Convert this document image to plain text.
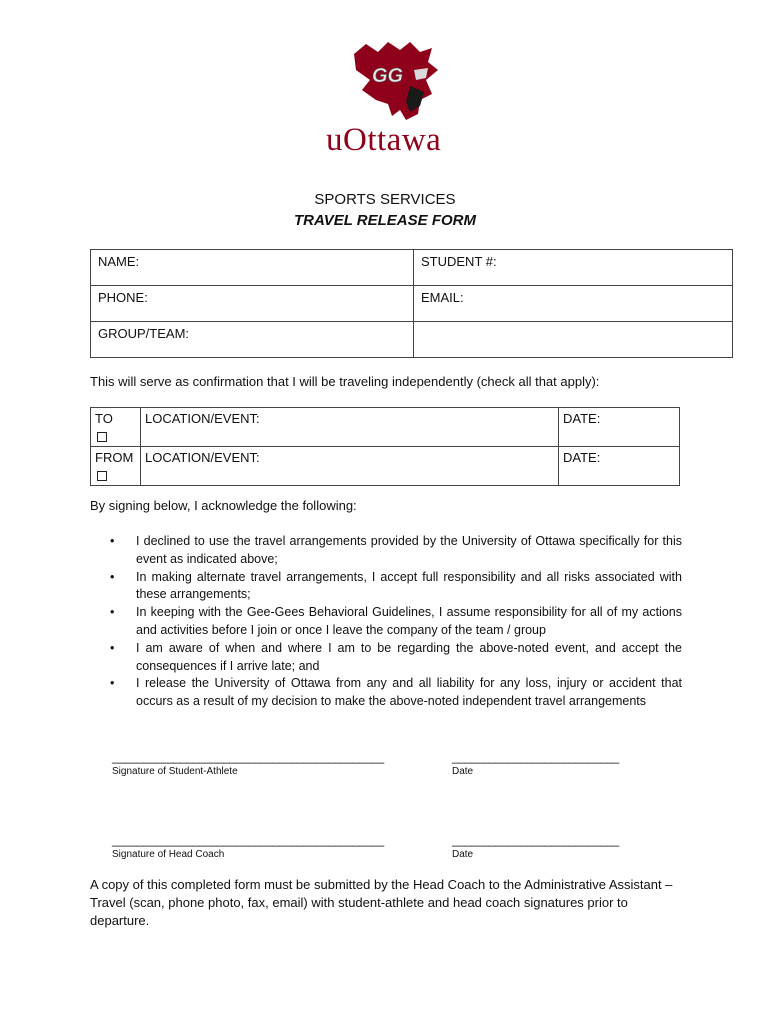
GG
uOttawa
SPORTS SERVICES
TRAVEL RELEASE FORM
NAME:	STUDENT #:
PHONE:	EMAIL:
GROUP/TEAM:	
This will serve as confirmation that I will be traveling independently (check all that apply):
TO	LOCATION/EVENT:	DATE:
FROM	LOCATION/EVENT:	DATE:
By signing below, I acknowledge the following:
• I declined to use the travel arrangements provided by the University of Ottawa specifically for this event as indicated above;
• In making alternate travel arrangements, I accept full responsibility and all risks associated with these arrangements;
• In keeping with the Gee-Gees Behavioral Guidelines, I assume responsibility for all of my actions and activities before I join or once I leave the company of the team / group
• I am aware of when and where I am to be regarding the above-noted event, and accept the consequences if I arrive late; and
• I release the University of Ottawa from any and all liability for any loss, injury or accident that occurs as a result of my decision to make the above-noted independent travel arrangements
____________________________________________
Signature of Student-Athlete
___________________________
Date
____________________________________________
Signature of Head Coach
___________________________
Date
A copy of this completed form must be submitted by the Head Coach to the Administrative Assistant – Travel (scan, phone photo, fax, email) with student-athlete and head coach signatures prior to departure.
